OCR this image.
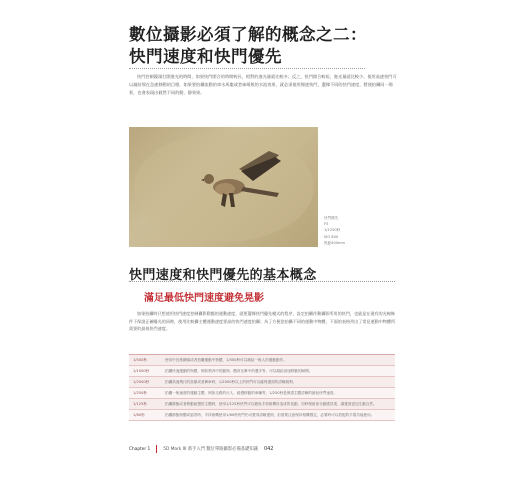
數位攝影必須了解的概念之二：
快門速度和快門優先
快門控制鏡頭打開進光的時間，如果快門開合的時間較長，相對的進光量就比較多；反之，快門開合較短，進光量就比較少。使用高速快門可以凝結那在急速移動的目標，如果要拍攝流動的車水馬龍或者絲絹般的水流效果，就必須使用慢速快門，選擇不同的快門速度，將使拍攝同一場景，也會表現出截然不同的動、靜效果。
快門優先
F5
1/1250秒
ISO 800
焦距400mm
快門速度和快門優先的基本概念
滿足最低快門速度避免晃影
如果拍攝時只想使用快門速度控制攝影動態的運動速度，就要選擇快門優先模式的程序，設定拍攝作動攝影所用的快門，也就是在現有的光線條件下保證正確曝光的同時，使用比較攝主體運動速度要高的快門速度拍攝；為了方便您拍攝不同的運動中物體，下面的表格列出了常見運動中物體所需要的最低快門速度。
1/500秒	使用中長焦鏡頭或者拍攝運動中物體，1/500秒可以凝結一般人的運動動作。
1/1000秒	拍攝快速運動的物體，例如飛奔中的動物、體育比賽中的選手等，可以凝結高速移動的瞬間。
1/2000秒	拍攝高速飛行的鳥類或者賽車時，1/2000秒以上的快門可以確保畫面的清晰銳利。
1/250秒	拍攝一般速度的運動主體，例如走路的行人、緩慢移動的車輛等，1/250秒是保證主體清晰的最低快門速度。
1/125秒	拍攝靜態或者移動緩慢的主體時，使用1/125秒快門可以避免手持相機所造成的晃動，同時保留部分動感效果，讓畫面更加生動自然。
1/60秒	拍攝靜態物體或風景時，手持相機使用1/60秒快門仍可獲得清晰畫面，但需要注意保持相機穩定，必要時可以搭配防手震功能使用。
Chapter 1	5D Mark III 新手入門 數位單眼攝影必備基礎知識 042
